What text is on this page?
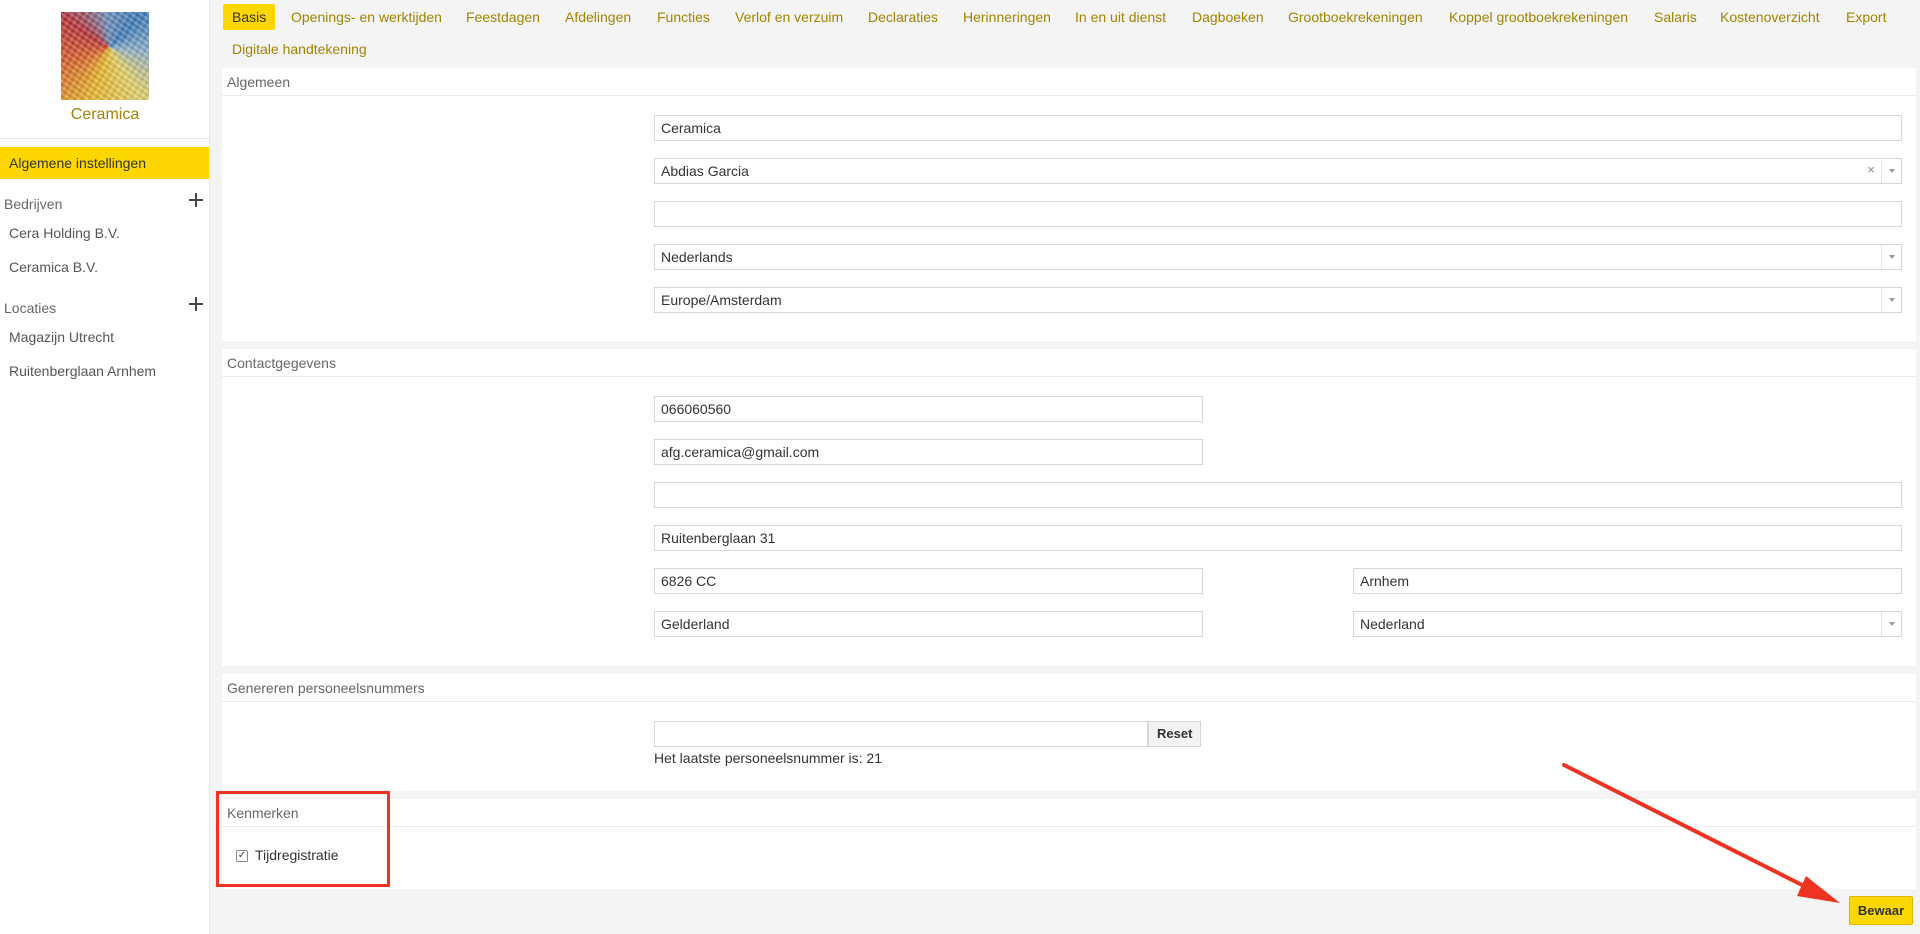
Ceramica
Algemene instellingen
Bedrijven
Cera Holding B.V.
Ceramica B.V.
Locaties
Magazijn Utrecht
Ruitenberglaan Arnhem
Basis	Openings- en werktijden	Feestdagen	Afdelingen	Functies	Verlof en verzuim	Declaraties	Herinneringen	In en uit dienst	Dagboeken	Grootboekrekeningen	Koppel grootboekrekeningen	Salaris	Kostenoverzicht	Export
Digitale handtekening
Algemeen
Ceramica
Abdias Garcia	×
Nederlands
Europe/Amsterdam
Contactgegevens
066060560
afg.ceramica@gmail.com
Ruitenberglaan 31
6826 CC	Arnhem
Gelderland	Nederland
Genereren personeelsnummers
Reset
Het laatste personeelsnummer is: 21
Kenmerken
✓ Tijdregistratie
Bewaar
